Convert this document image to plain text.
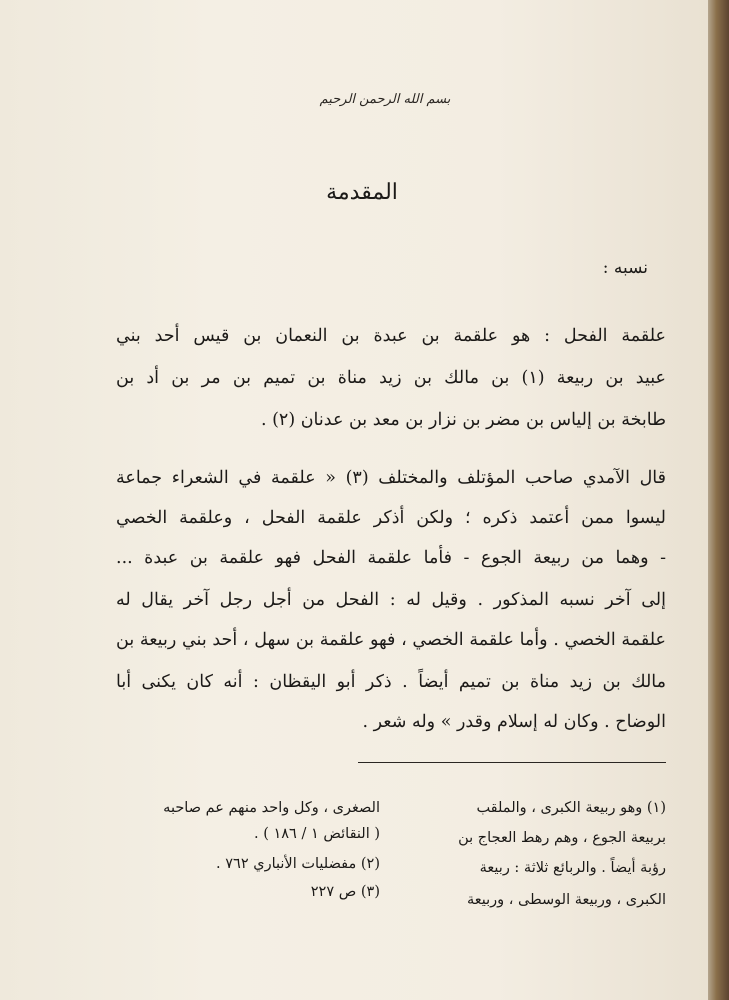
بسم الله الرحمن الرحيم
المقدمة
نسبه :
علقمة الفحل : هو علقمة بن عبدة بن النعمان بن قيس أحد بني
عبيد بن ربيعة (١) بن مالك بن زيد مناة بن تميم بن مر بن أد بن
طابخة بن إلياس بن مضر بن نزار بن معد بن عدنان (٢) .
قال الآمدي صاحب المؤتلف والمختلف (٣) « علقمة في الشعراء جماعة
ليسوا ممن أعتمد ذكره ؛ ولكن أذكر علقمة الفحل ، وعلقمة الخصي
- وهما من ربيعة الجوع - فأما علقمة الفحل فهو علقمة بن عبدة ...
إلى آخر نسبه المذكور . وقيل له : الفحل من أجل رجل آخر يقال له
علقمة الخصي . وأما علقمة الخصي ، فهو علقمة بن سهل ، أحد بني ربيعة بن
مالك بن زيد مناة بن تميم أيضاً . ذكر أبو اليقظان : أنه كان يكنى أبا
الوضاح . وكان له إسلام وقدر » وله شعر .
(١) وهو ربيعة الكبرى ، والملقب
بربيعة الجوع ، وهم رهط العجاج بن
رؤبة أيضاً . والربائع ثلاثة : ربيعة
الكبرى ، وربيعة الوسطى ، وربيعة
الصغرى ، وكل واحد منهم عم صاحبه
( النقائض ١ / ١٨٦ ) .
(٢) مفضليات الأنباري ٧٦٢ .
(٣) ص ٢٢٧
